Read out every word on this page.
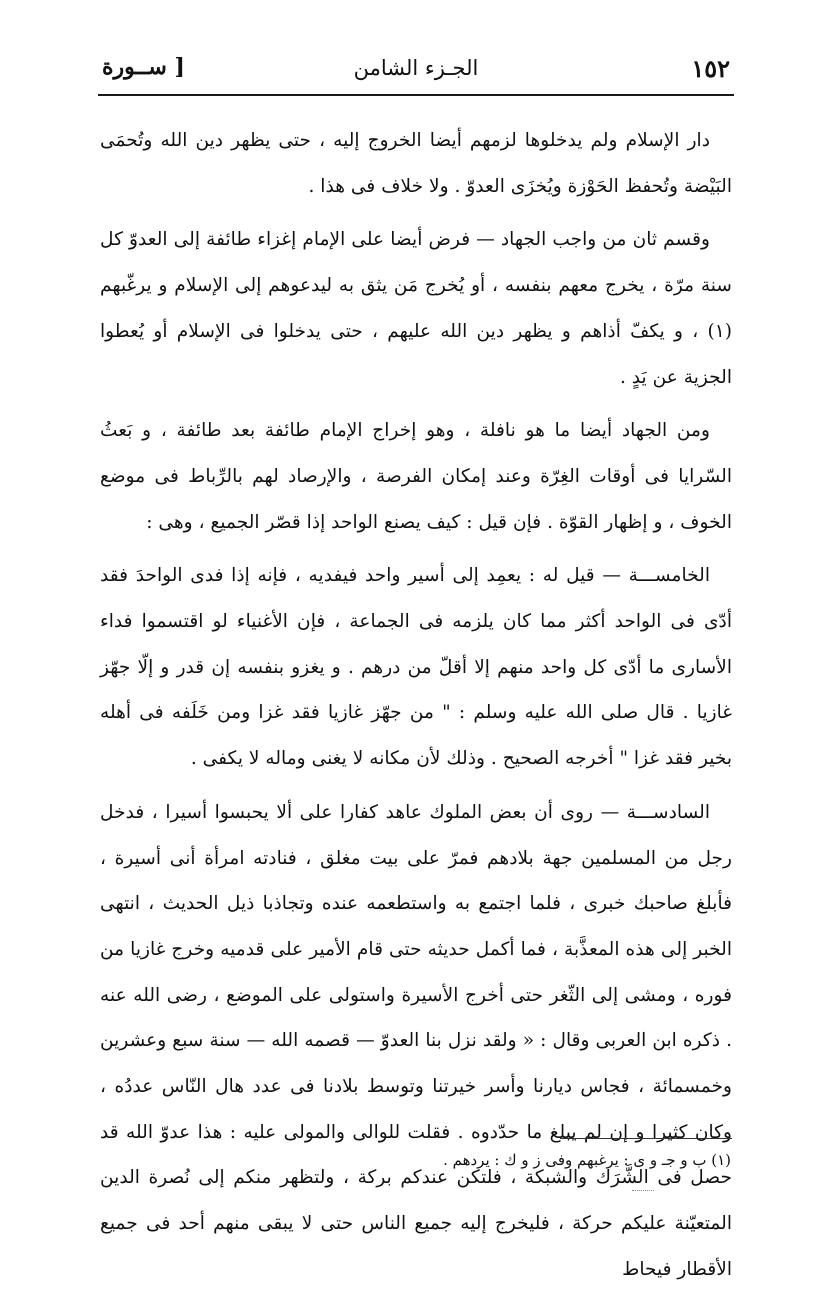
١٥٢
الجـزء الشامن
[ ســورة

دار الإسلام ولم يدخلوها لزمهم أيضا الخروج إليه ، حتى يظهر دين الله وتُحمَى البَيْضة وتُحفظ الحَوْزة ويُخزَى العدوّ . ولا خلاف فى هذا .

وقسم ثان من واجب الجهاد — فرض أيضا على الإمام إغزاء طائفة إلى العدوّ كل سنة مرّة ، يخرج معهم بنفسه ، أو يُخرج مَن يثق به ليدعوهم إلى الإسلام و يرغّبهم (١) ، و يكفّ أذاهم و يظهر دين الله عليهم ، حتى يدخلوا فى الإسلام أو يُعطوا الجزية عن يَدٍ .

ومن الجهاد أيضا ما هو نافلة ، وهو إخراج الإمام طائفة بعد طائفة ، و بَعثُ السّرايا فى أوقات الغِرّة وعند إمكان الفرصة ، والإرصاد لهم بالرِّباط فى موضع الخوف ، و إظهار القوّة . فإن قيل : كيف يصنع الواحد إذا قصّر الجميع ، وهى :

الخامســـة — قيل له : يعمِد إلى أسير واحد فيفديه ، فإنه إذا فدى الواحدَ فقد أدّى فى الواحد أكثر مما كان يلزمه فى الجماعة ، فإن الأغنياء لو اقتسموا فداء الأسارى ما أدّى كل واحد منهم إلا أقلّ من درهم . و يغزو بنفسه إن قدر و إلّا جهّز غازيا . قال صلى الله عليه وسلم : " من جهّز غازيا فقد غزا ومن خَلَفه فى أهله بخير فقد غزا " أخرجه الصحيح . وذلك لأن مكانه لا يغنى وماله لا يكفى .

السادســـة — روى أن بعض الملوك عاهد كفارا على ألا يحبسوا أسيرا ، فدخل رجل من المسلمين جهة بلادهم فمرّ على بيت مغلق ، فنادته امرأة أنى أسيرة ، فأبلغ صاحبك خبرى ، فلما اجتمع به واستطعمه عنده وتجاذبا ذيل الحديث ، انتهى الخبر إلى هذه المعذَّبة ، فما أكمل حديثه حتى قام الأمير على قدميه وخرج غازيا من فوره ، ومشى إلى الثّغر حتى أخرج الأسيرة واستولى على الموضع ، رضى الله عنه . ذكره ابن العربى وقال : « ولقد نزل بنا العدوّ — قصمه الله — سنة سبع وعشرين وخمسمائة ، فجاس ديارنا وأسر خيرتنا وتوسط بلادنا فى عدد هال النّاس عددُه ، وكان كثيرا و إن لم يبلغ ما حدّدوه . فقلت للوالى والمولى عليه : هذا عدوّ الله قد حصل فى الشَّرَك والشبكة ، فلتكن عندكم بركة ، ولتظهر منكم إلى نُصرة الدين المتعيّنة عليكم حركة ، فليخرج إليه جميع الناس حتى لا يبقى منهم أحد فى جميع الأقطار فيحاط

(١) ب و جـ و ى : يرغبهم وفى ز و ك : يردهم .
